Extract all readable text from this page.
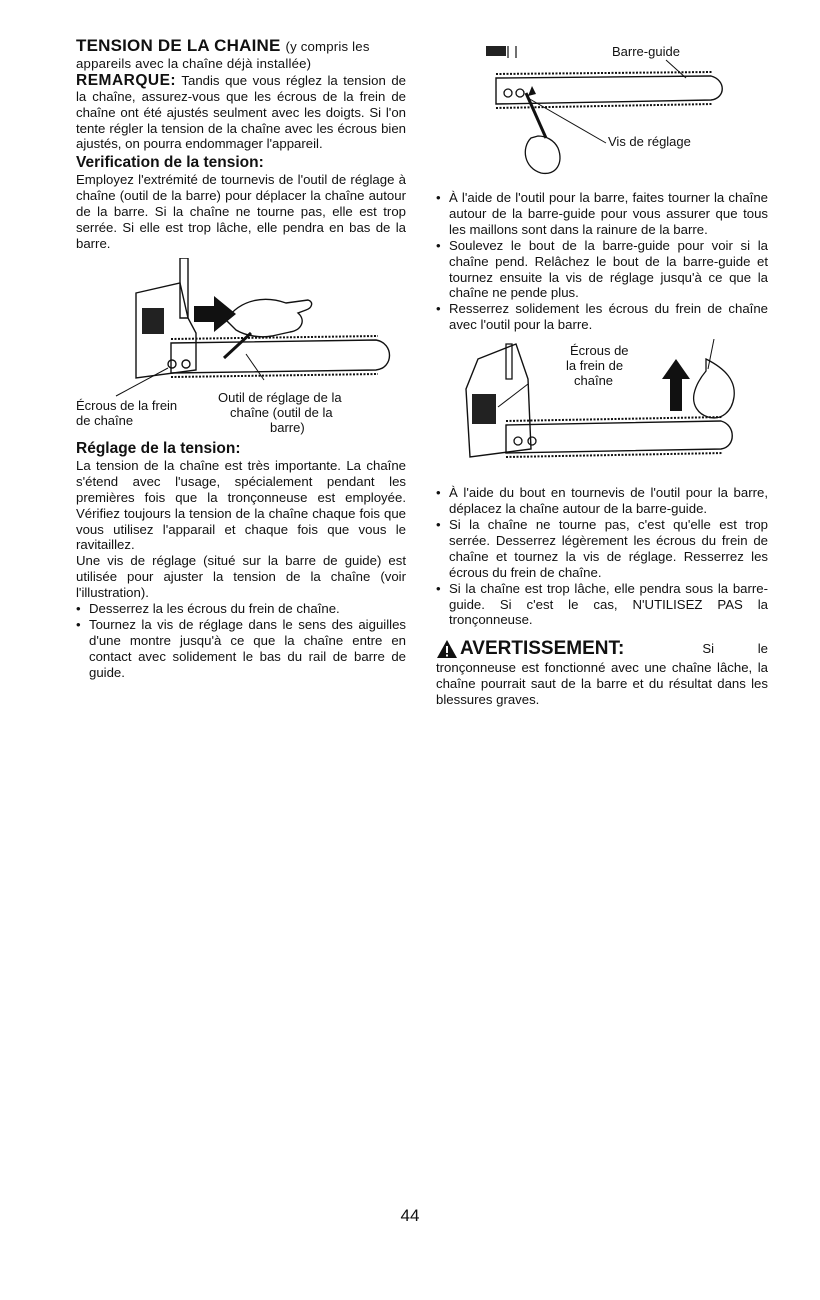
TENSION DE LA CHAINE (y compris les appareils avec la chaîne déjà installée)

REMARQUE: Tandis que vous réglez la tension de la chaîne, assurez-vous que les écrous de la frein de chaîne ont été ajustés seulment avec les doigts. Si l'on tente régler la tension de la chaîne avec les écrous bien ajustés, on pourra endommager l'appareil.

Verification de la tension:

Employez l'extrémité de tournevis de l'outil de réglage à chaîne (outil de la barre) pour déplacer la chaîne autour de la barre. Si la chaîne ne tourne pas, elle est trop serrée. Si elle est trop lâche, elle pendra en bas de la barre.

Outil de réglage de la
chaîne (outil de la
barre)
Écrous de la frein
de chaîne

Réglage de la tension:

La tension de la chaîne est très importante. La chaîne s'étend avec l'usage, spécialement pendant les premières fois que la tronçonneuse est employée. Vérifiez toujours la tension de la chaîne chaque fois que vous utilisez l'apparail et chaque fois que vous le ravitaillez.

Une vis de réglage (situé sur la barre de guide) est utilisée pour ajuster la tension de la chaîne (voir l'illustration).

• Desserrez la les écrous du frein de chaîne.
• Tournez la vis de réglage dans le sens des aiguilles d'une montre jusqu'à ce que la chaîne entre en contact avec solidement le bas du rail de barre de guide.
Barre-guide
Vis de réglage
• À l'aide de l'outil pour la barre, faites tourner la chaîne autour de la barre-guide pour vous assurer que tous les maillons sont dans la rainure de la barre.
• Soulevez le bout de la barre-guide pour voir si la chaîne pend. Relâchez le bout de la barre-guide et tournez ensuite la vis de réglage jusqu'à ce que la chaîne ne pende plus.
• Resserrez solidement les écrous du frein de chaîne avec l'outil pour la barre.
Écrous de
la frein de
chaîne
• À l'aide du bout en tournevis de l'outil pour la barre, déplacez la chaîne autour de la barre-guide.
• Si la chaîne ne tourne pas, c'est qu'elle est trop serrée. Desserrez légèrement les écrous du frein de chaîne et tournez la vis de réglage. Resserrez les écrous du frein de chaîne.
• Si la chaîne est trop lâche, elle pendra sous la barre-guide. Si c'est le cas, N'UTILISEZ PAS la tronçonneuse.
AVERTISSEMENT:	Si le

tronçonneuse est fonctionné avec une chaîne lâche, la chaîne pourrait saut de la barre et du résultat dans les blessures graves.

44
